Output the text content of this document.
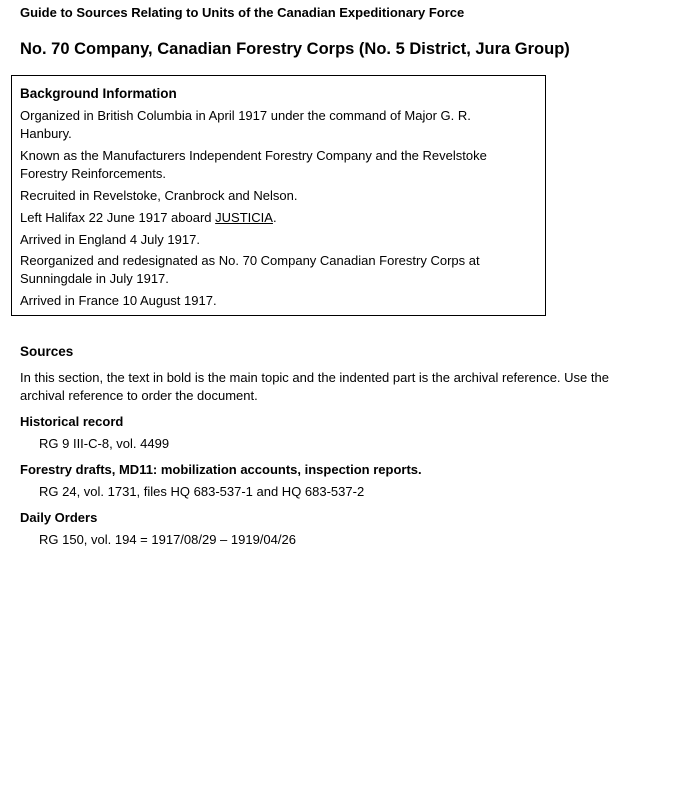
Guide to Sources Relating to Units of the Canadian Expeditionary Force
No. 70 Company, Canadian Forestry Corps (No. 5 District, Jura Group)
Background Information
Organized in British Columbia in April 1917 under the command of Major G. R. Hanbury.
Known as the Manufacturers Independent Forestry Company and the Revelstoke Forestry Reinforcements.
Recruited in Revelstoke, Cranbrock and Nelson.
Left Halifax 22 June 1917 aboard JUSTICIA.
Arrived in England 4 July 1917.
Reorganized and redesignated as No. 70 Company Canadian Forestry Corps at Sunningdale in July 1917.
Arrived in France 10 August 1917.
Sources
In this section, the text in bold is the main topic and the indented part is the archival reference. Use the archival reference to order the document.
Historical record
RG 9 III-C-8, vol. 4499
Forestry drafts, MD11: mobilization accounts, inspection reports.
RG 24, vol. 1731, files HQ 683-537-1 and HQ 683-537-2
Daily Orders
RG 150, vol. 194 = 1917/08/29 – 1919/04/26
